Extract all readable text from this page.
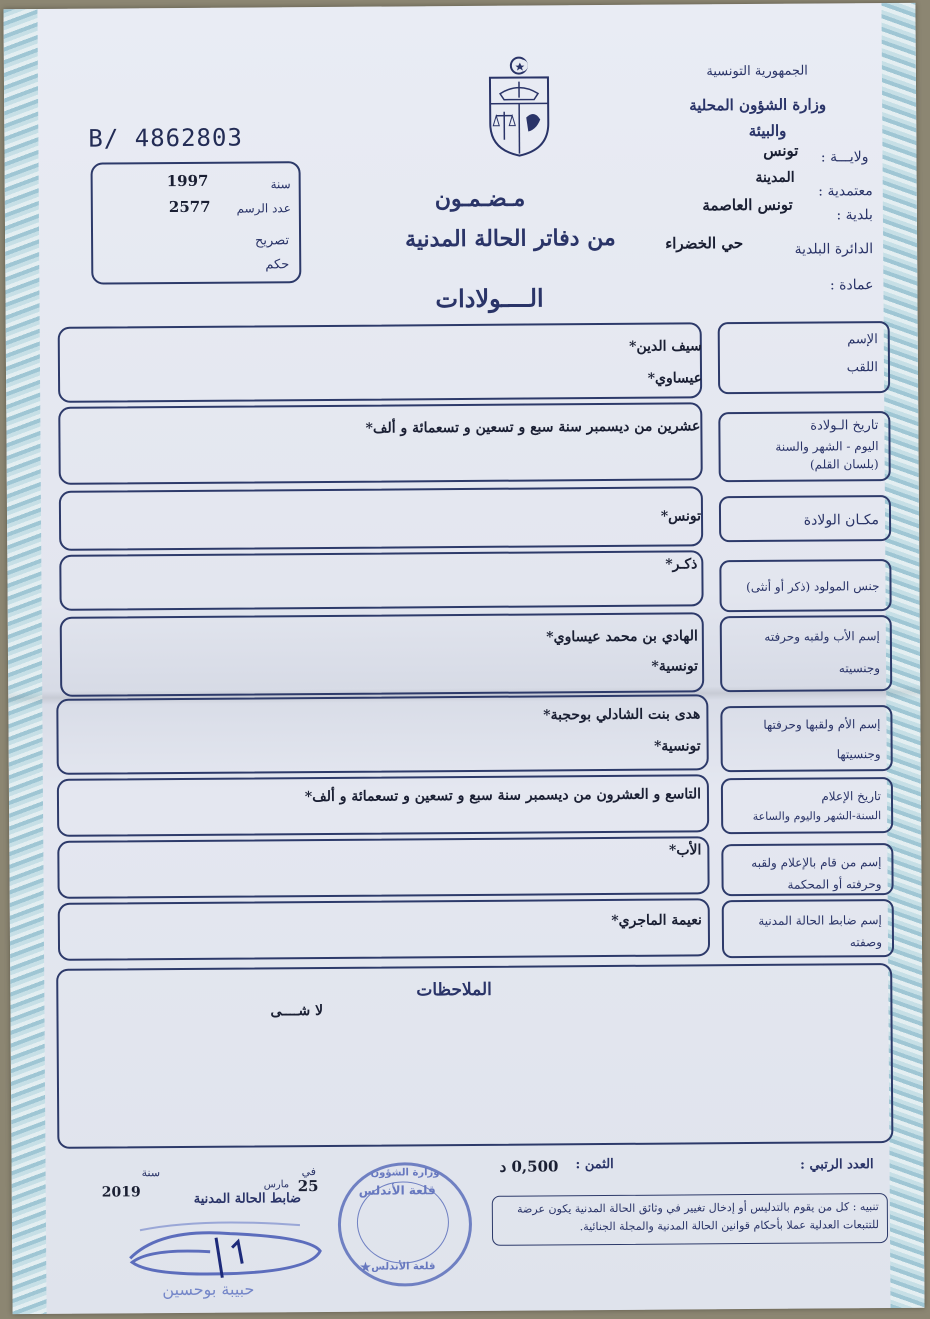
B/ 4862803
الجمهورية التونسية
وزارة الشؤون المحلية
والبيئة
ولايـــة :
تونس
معتمدية :
المدينة
بلدية :
تونس العاصمة
الدائرة البلدية
حي الخضراء
عمادة :
سنة
1997
عدد الرسم
2577
تصريح
حكم
مـضـمـون
من دفاتر الحالة المدنية
الــــولادات
الإسم
اللقب
سيف الدين*
عيساوي*
تاريخ الـولادة
اليوم - الشهر والسنة
(بلسان القلم)
عشرين من ديسمبر سنة سبع و تسعين و تسعمائة و ألف*
مكـان الولادة
تونس*
جنس المولود (ذكر أو أنثى)
ذكـر*
إسم الأب ولقبه وحرفته
وجنسيته
الهادي بن محمد عيساوي*
تونسية*
إسم الأم ولقبها وحرفتها
وجنسيتها
هدى بنت الشادلي بوحجبة*
تونسية*
تاريخ الإعلام
السنة-الشهر واليوم والساعة
التاسع و العشرون من ديسمبر سنة سبع و تسعين و تسعمائة و ألف*
إسم من قام بالإعلام ولقبه
وحرفته أو المحكمة
الأب*
إسم ضابط الحالة المدنية
وصفته
نعيمة الماجري*
الملاحظات
لا شــــى
العدد الرتبي :
الثمن :
0,500 د
سنة
2019
في
25
مارس
ضابط الحالة المدنية
تنبيه : كل من يقوم بالتدليس أو إدخال تغيير في وثائق الحالة المدنية يكون عرضة للتتبعات العدلية عملا بأحكام قوانين الحالة المدنية والمجلة الجنائية.
وزارة الشؤون
قلعة الأندلس
قلعة الأندلس
★
حبيبة بوحسين
